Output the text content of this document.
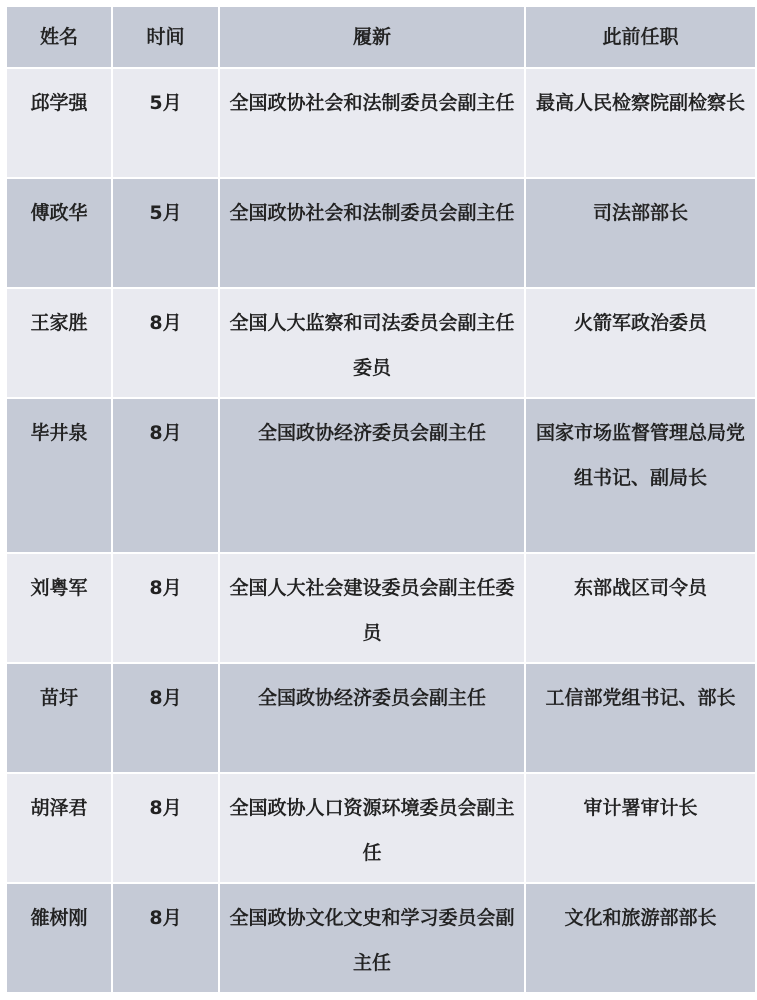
姓名	时间	履新	此前任职
邱学强	5月	全国政协社会和法制委员会副主任	最高人民检察院副检察长
傅政华	5月	全国政协社会和法制委员会副主任	司法部部长
王家胜	8月	全国人大监察和司法委员会副主任委员	火箭军政治委员
毕井泉	8月	全国政协经济委员会副主任	国家市场监督管理总局党组书记、副局长
刘粤军	8月	全国人大社会建设委员会副主任委员	东部战区司令员
苗圩	8月	全国政协经济委员会副主任	工信部党组书记、部长
胡泽君	8月	全国政协人口资源环境委员会副主任	审计署审计长
雒树刚	8月	全国政协文化文史和学习委员会副主任	文化和旅游部部长
